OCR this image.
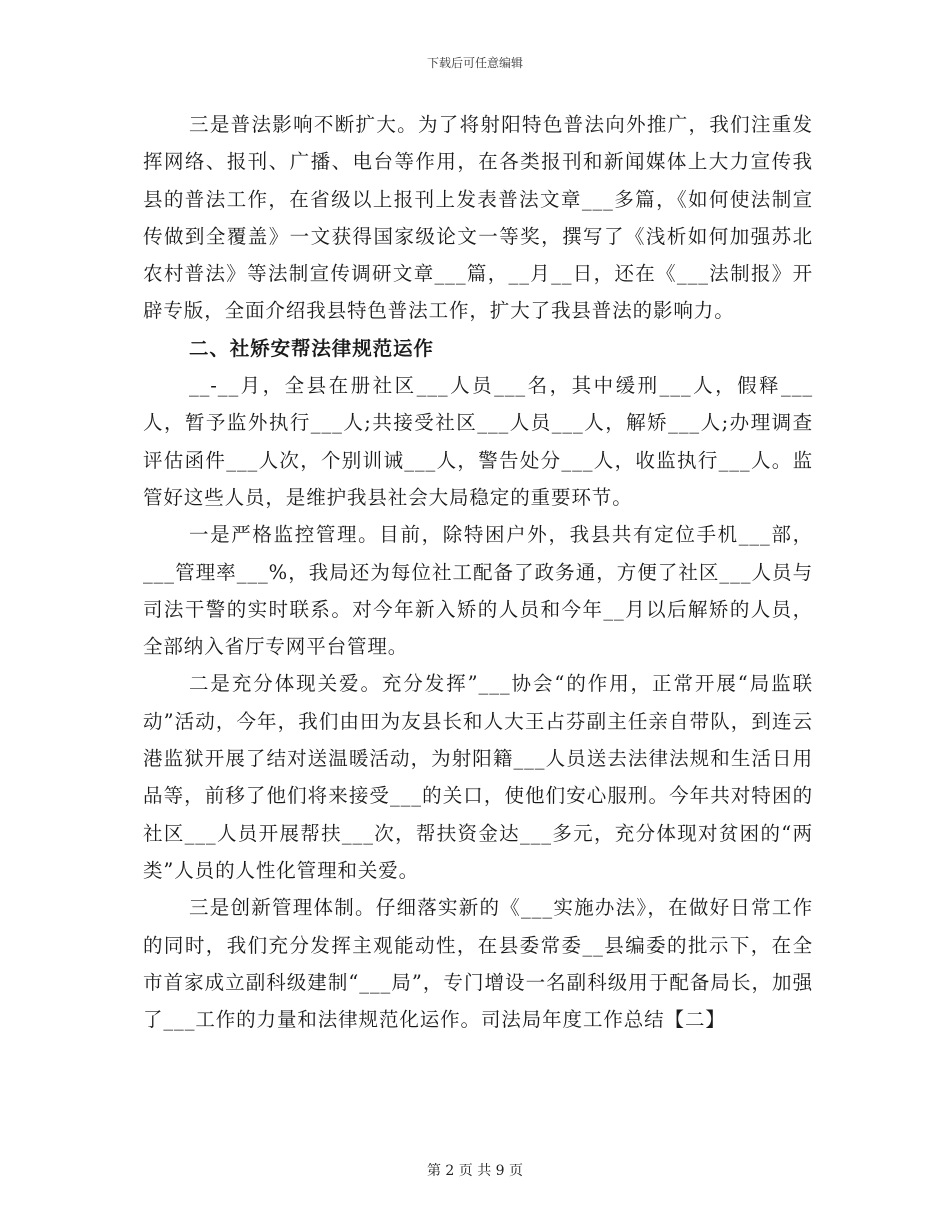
下载后可任意编辑

三是普法影响不断扩大。为了将射阳特色普法向外推广，我们注重发挥网络、报刊、广播、电台等作用，在各类报刊和新闻媒体上大力宣传我县的普法工作，在省级以上报刊上发表普法文章___多篇，《如何使法制宣传做到全覆盖》一文获得国家级论文一等奖，撰写了《浅析如何加强苏北农村普法》等法制宣传调研文章___篇，__月__日，还在《___法制报》开辟专版，全面介绍我县特色普法工作，扩大了我县普法的影响力。

二、社矫安帮法律规范运作

__-__月，全县在册社区___人员___名，其中缓刑___人，假释___人，暂予监外执行___人;共接受社区___人员___人，解矫___人;办理调查评估函件___人次，个别训诫___人，警告处分___人，收监执行___人。监管好这些人员，是维护我县社会大局稳定的重要环节。

一是严格监控管理。目前，除特困户外，我县共有定位手机___部，___管理率___%，我局还为每位社工配备了政务通，方便了社区___人员与司法干警的实时联系。对今年新入矫的人员和今年__月以后解矫的人员，全部纳入省厅专网平台管理。

二是充分体现关爱。充分发挥”___协会“的作用，正常开展“局监联动”活动，今年，我们由田为友县长和人大王占芬副主任亲自带队，到连云港监狱开展了结对送温暖活动，为射阳籍___人员送去法律法规和生活日用品等，前移了他们将来接受___的关口，使他们安心服刑。今年共对特困的社区___人员开展帮扶___次，帮扶资金达___多元，充分体现对贫困的“两类”人员的人性化管理和关爱。

三是创新管理体制。仔细落实新的《___实施办法》，在做好日常工作的同时，我们充分发挥主观能动性，在县委常委__县编委的批示下，在全市首家成立副科级建制“___局”，专门增设一名副科级用于配备局长，加强了___工作的力量和法律规范化运作。司法局年度工作总结【二】

第 2 页 共 9 页
